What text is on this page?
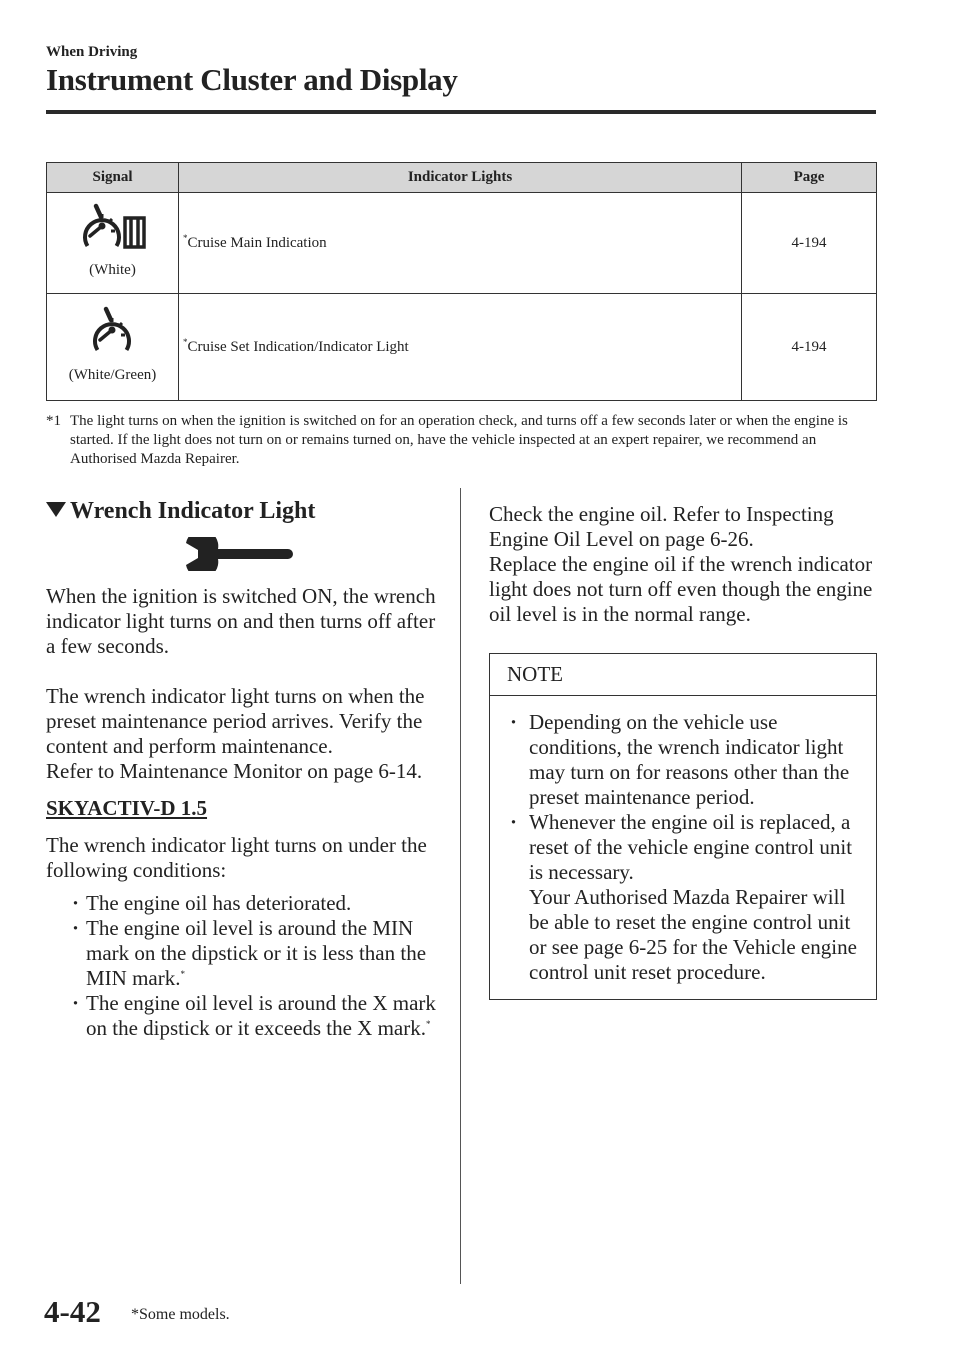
When Driving
Instrument Cluster and Display
Signal	Indicator Lights	Page

(White)	*Cruise Main Indication	4-194

(White/Green)	*Cruise Set Indication/Indicator Light	4-194
*1 The light turns on when the ignition is switched on for an operation check, and turns off a few seconds later or when the engine is started. If the light does not turn on or remains turned on, have the vehicle inspected at an expert repairer, we recommend an Authorised Mazda Repairer.
Wrench Indicator Light

When the ignition is switched ON, the wrench indicator light turns on and then turns off after a few seconds.

The wrench indicator light turns on when the preset maintenance period arrives. Verify the content and perform maintenance.

Refer to Maintenance Monitor on page 6-14.

SKYACTIV-D 1.5

The wrench indicator light turns on under the following conditions:

· The engine oil has deteriorated.
· The engine oil level is around the MIN mark on the dipstick or it is less than the MIN mark.*
· The engine oil level is around the X mark on the dipstick or it exceeds the X mark.*

Check the engine oil. Refer to Inspecting Engine Oil Level on page 6-26.

Replace the engine oil if the wrench indicator light does not turn off even though the engine oil level is in the normal range.

NOTE
· Depending on the vehicle use conditions, the wrench indicator light may turn on for reasons other than the preset maintenance period.
· Whenever the engine oil is replaced, a reset of the vehicle engine control unit is necessary.
Your Authorised Mazda Repairer will be able to reset the engine control unit or see page 6-25 for the Vehicle engine control unit reset procedure.
4-42 *Some models.
